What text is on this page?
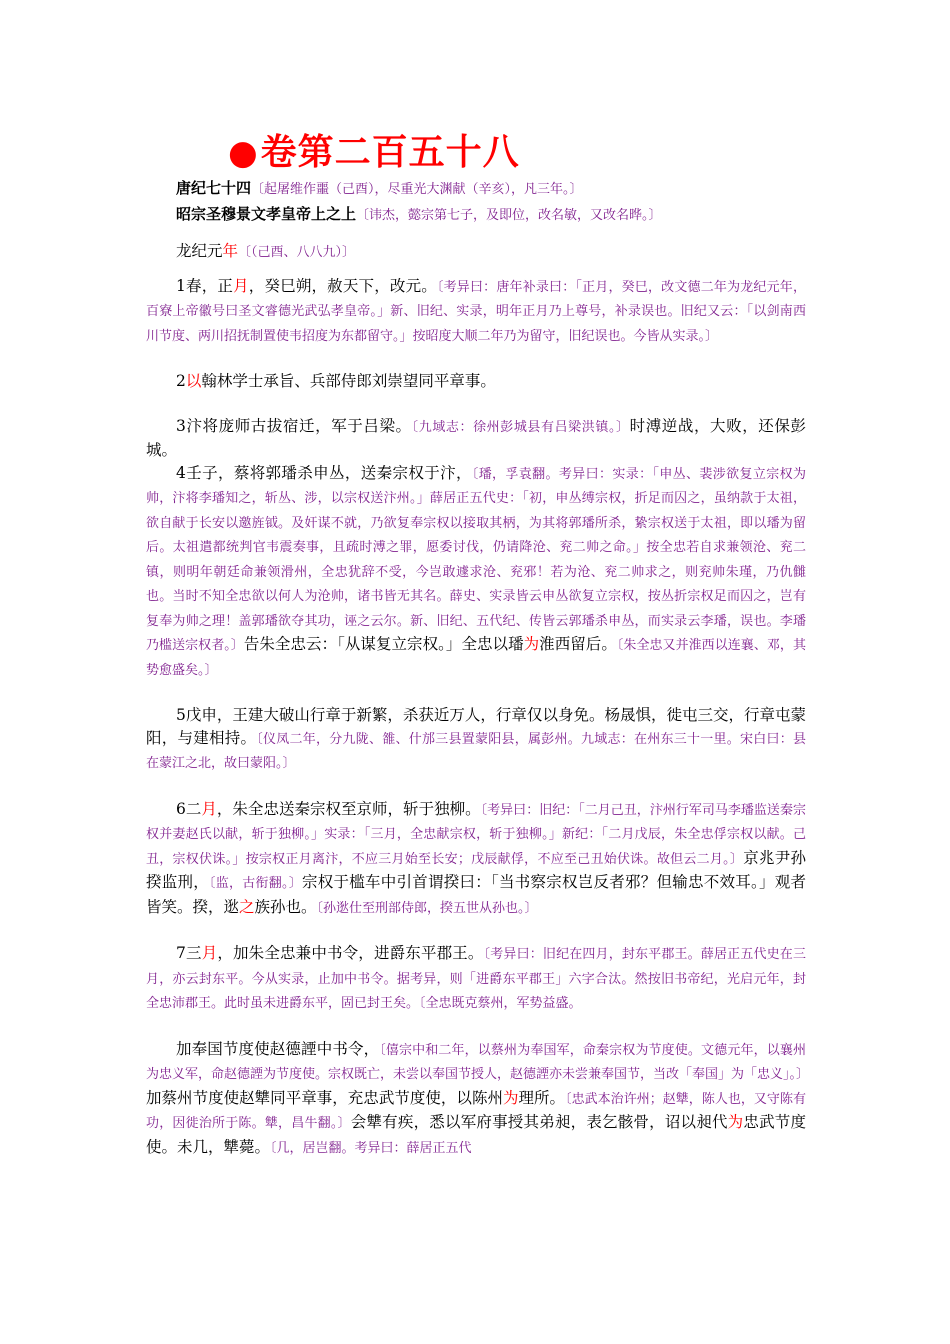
●卷第二百五十八
唐纪七十四〔起屠维作噩（己酉），尽重光大渊献（辛亥），凡三年。〕
昭宗圣穆景文孝皇帝上之上〔讳杰，懿宗第七子，及即位，改名敏，又改名晔。〕

龙纪元年〔（己酉、八八九）〕

1春，正月，癸巳朔，赦天下，改元。〔考异曰：唐年补录曰：「正月，癸巳，改文德二年为龙纪元年，百寮上帝徽号曰圣文睿德光武弘孝皇帝。」新、旧纪、实录，明年正月乃上尊号，补录误也。旧纪又云：「以剑南西川节度、两川招抚制置使韦招度为东都留守。」按昭度大顺二年乃为留守，旧纪误也。今皆从实录。〕

2以翰林学士承旨、兵部侍郎刘崇望同平章事。

3汴将庞师古拔宿迁，军于吕梁。〔九域志：徐州彭城县有吕梁洪镇。〕时溥逆战，大败，还保彭城。

4壬子，蔡将郭璠杀申丛，送秦宗权于汴，〔璠，孚袁翻。考异曰：实录：「申丛、裴涉欲复立宗权为帅，汴将李璠知之，斩丛、涉，以宗权送汴州。」薛居正五代史：「初，申丛缚宗权，折足而囚之，虽纳款于太祖，欲自献于长安以邀旌钺。及奸谋不就，乃欲复奉宗权以接取其柄，为其将郭璠所杀，絷宗权送于太祖，即以璠为留后。太祖遣都统判官韦震奏事，且疏时溥之罪，愿委讨伐，仍请降沧、兖二帅之命。」按全忠若自求兼领沧、兖二镇，则明年朝廷命兼领滑州，全忠犹辞不受，今岂敢遽求沧、兖邪！若为沧、兖二帅求之，则兖帅朱瑾，乃仇雠也。当时不知全忠欲以何人为沧帅，诸书皆无其名。薛史、实录皆云申丛欲复立宗权，按丛折宗权足而囚之，岂有复奉为帅之理！盖郭璠欲夺其功，诬之云尔。新、旧纪、五代纪、传皆云郭璠杀申丛，而实录云李璠，误也。李璠乃槛送宗权者。〕告朱全忠云：「从谋复立宗权。」全忠以璠为淮西留后。〔朱全忠又并淮西以连襄、邓，其势愈盛矣。〕

5戊申，王建大破山行章于新繁，杀获近万人，行章仅以身免。杨晟惧，徙屯三交，行章屯蒙阳，与建相持。〔仪凤二年，分九陇、雒、什邡三县置蒙阳县，属彭州。九域志：在州东三十一里。宋白曰：县在蒙江之北，故曰蒙阳。〕

6二月，朱全忠送秦宗权至京师，斩于独柳。〔考异曰：旧纪：「二月己丑，汴州行军司马李璠监送秦宗权并妻赵氏以献，斩于独柳。」实录：「三月，全忠献宗权，斩于独柳。」新纪：「二月戊辰，朱全忠俘宗权以献。己丑，宗权伏诛。」按宗权正月离汴，不应三月始至长安；戊辰献俘，不应至己丑始伏诛。故但云二月。〕京兆尹孙揆监刑，〔监，古衔翻。〕宗权于槛车中引首谓揆曰：「当书察宗权岂反者邪？但输忠不效耳。」观者皆笑。揆，逖之族孙也。〔孙逖仕至刑部侍郎，揆五世从孙也。〕

7三月，加朱全忠兼中书令，进爵东平郡王。〔考异曰：旧纪在四月，封东平郡王。薛居正五代史在三月，亦云封东平。今从实录，止加中书令。据考异，则「进爵东平郡王」六字合汰。然按旧书帝纪，光启元年，封全忠沛郡王。此时虽未进爵东平，固已封王矣。〔全忠既克蔡州，军势益盛。

加奉国节度使赵德諲中书令，〔僖宗中和二年，以蔡州为奉国军，命秦宗权为节度使。文德元年，以襄州为忠义军，命赵德諲为节度使。宗权既亡，未尝以奉国节授人，赵德諲亦未尝兼奉国节，当改「奉国」为「忠义」。〕加蔡州节度使赵犨同平章事，充忠武节度使，以陈州为理所。〔忠武本治许州；赵犨，陈人也，又守陈有功，因徙治所于陈。犨，昌牛翻。〕会犨有疾，悉以军府事授其弟昶，表乞骸骨，诏以昶代为忠武节度使。未几，犨薨。〔几，居岂翻。考异曰：薛居正五代
